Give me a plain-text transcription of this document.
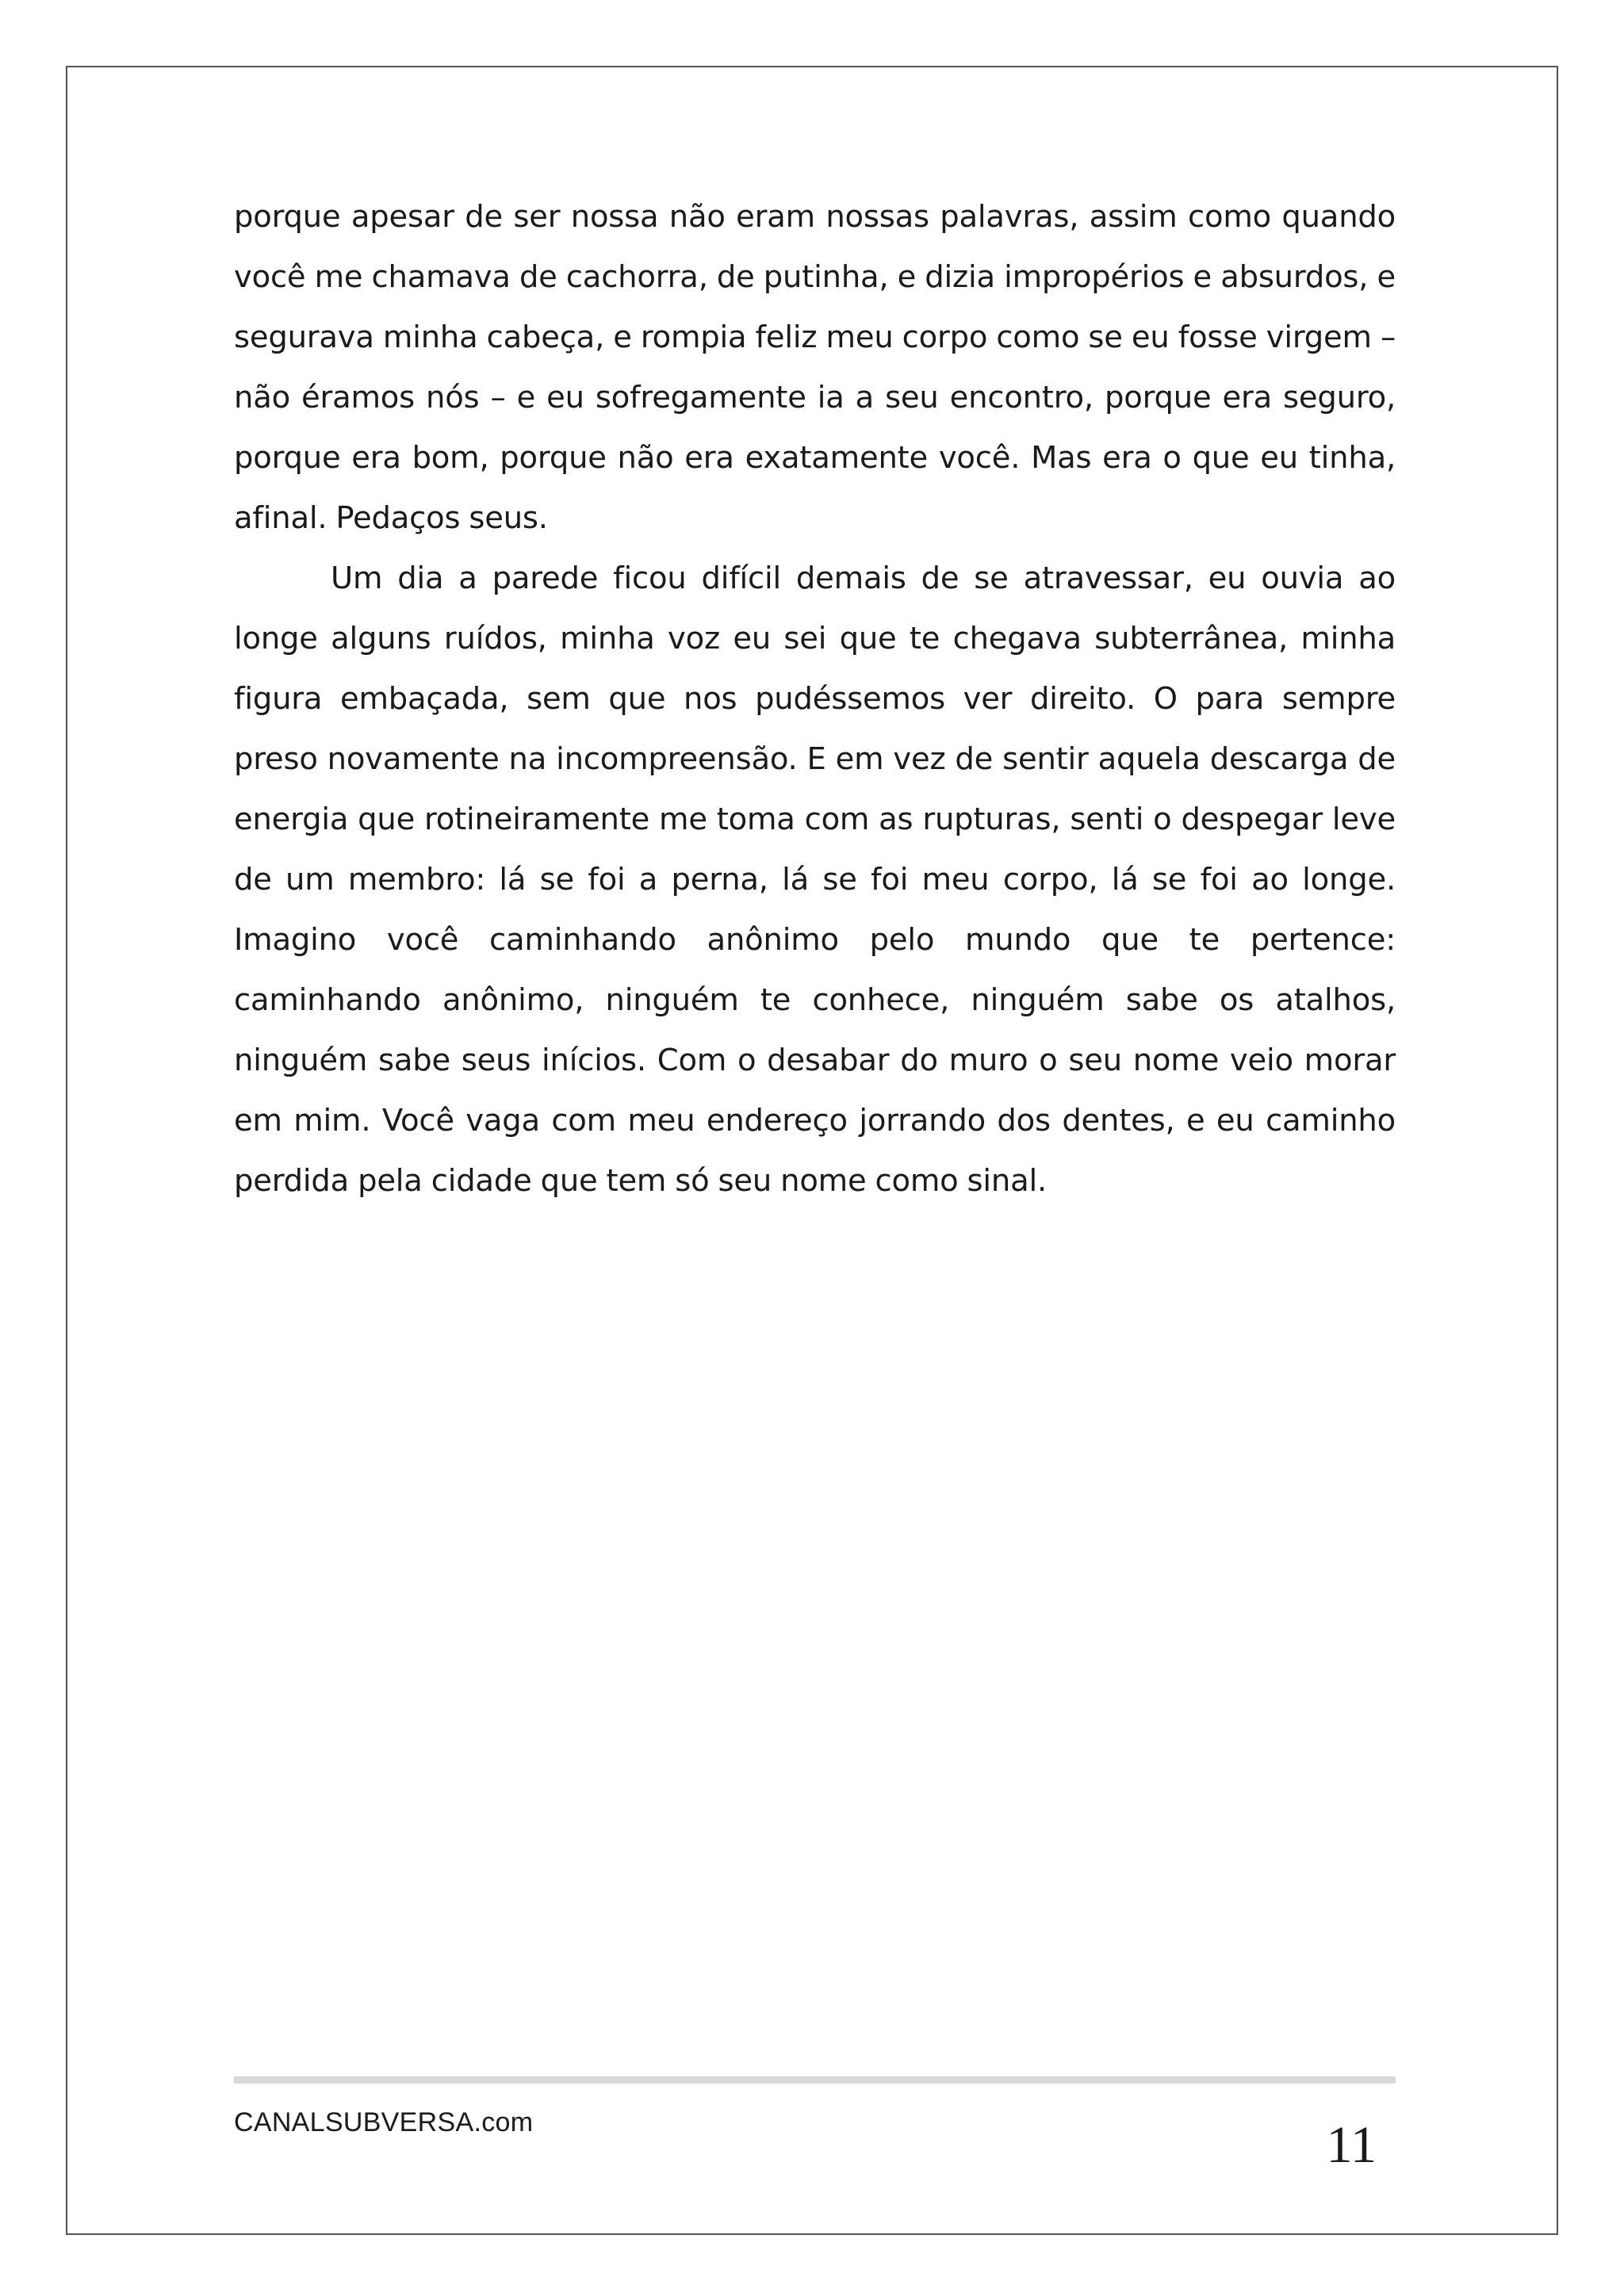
porque apesar de ser nossa não eram nossas palavras, assim como quando você me chamava de cachorra, de putinha, e dizia impropérios e absurdos, e segurava minha cabeça, e rompia feliz meu corpo como se eu fosse virgem – não éramos nós – e eu sofregamente ia a seu encontro, porque era seguro, porque era bom, porque não era exatamente você. Mas era o que eu tinha, afinal. Pedaços seus.

Um dia a parede ficou difícil demais de se atravessar, eu ouvia ao longe alguns ruídos, minha voz eu sei que te chegava subterrânea, minha figura embaçada, sem que nos pudéssemos ver direito. O para sempre preso novamente na incompreensão. E em vez de sentir aquela descarga de energia que rotineiramente me toma com as rupturas, senti o despegar leve de um membro: lá se foi a perna, lá se foi meu corpo, lá se foi ao longe. Imagino você caminhando anônimo pelo mundo que te pertence: caminhando anônimo, ninguém te conhece, ninguém sabe os atalhos, ninguém sabe seus inícios. Com o desabar do muro o seu nome veio morar em mim. Você vaga com meu endereço jorrando dos dentes, e eu caminho perdida pela cidade que tem só seu nome como sinal.

CANALSUBVERSA.com	11
